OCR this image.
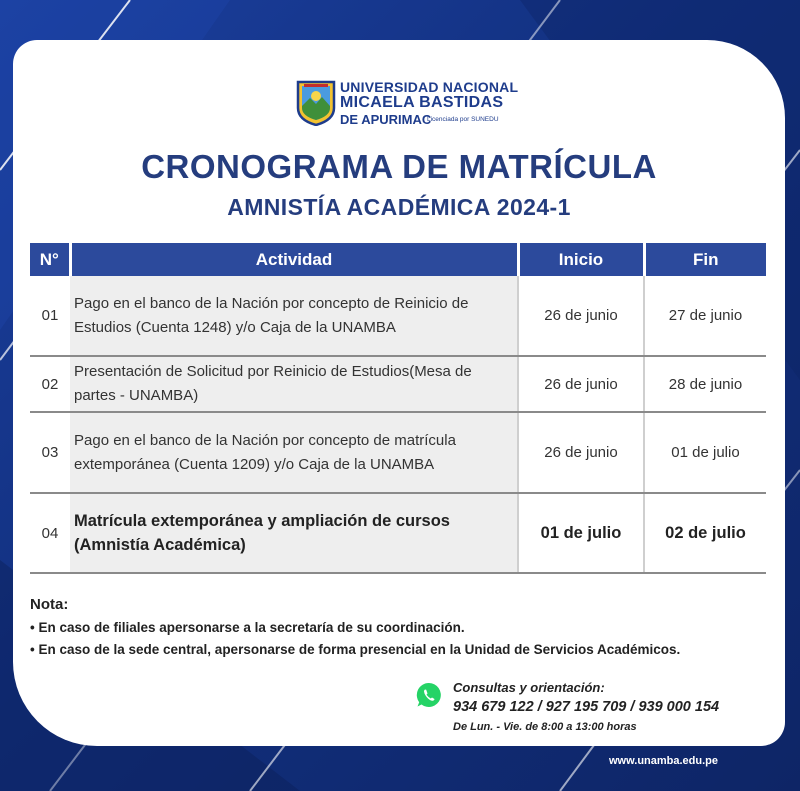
UNIVERSIDAD NACIONAL
MICAELA BASTIDAS
DE APURIMAC
Licenciada por SUNEDU
CRONOGRAMA DE MATRÍCULA
AMNISTÍA ACADÉMICA 2024-1
N°	Actividad	Inicio	Fin
01	Pago en el banco de la Nación por concepto de Reinicio de Estudios (Cuenta 1248) y/o Caja de la UNAMBA	26 de junio	27 de junio
02	Presentación de Solicitud por Reinicio de Estudios(Mesa de partes - UNAMBA)	26 de junio	28 de junio
03	Pago en el banco de la Nación por concepto de matrícula extemporánea (Cuenta 1209) y/o Caja de la UNAMBA	26 de junio	01 de julio
04	Matrícula extemporánea y ampliación de cursos (Amnistía Académica)	01 de julio	02 de julio
Nota:
• En caso de filiales apersonarse a la secretaría de su coordinación.
• En caso de la sede central, apersonarse de forma presencial en la Unidad de Servicios Académicos.
Consultas y orientación:
934 679 122 / 927 195 709 / 939 000 154
De Lun. - Vie. de 8:00 a 13:00 horas
www.unamba.edu.pe
